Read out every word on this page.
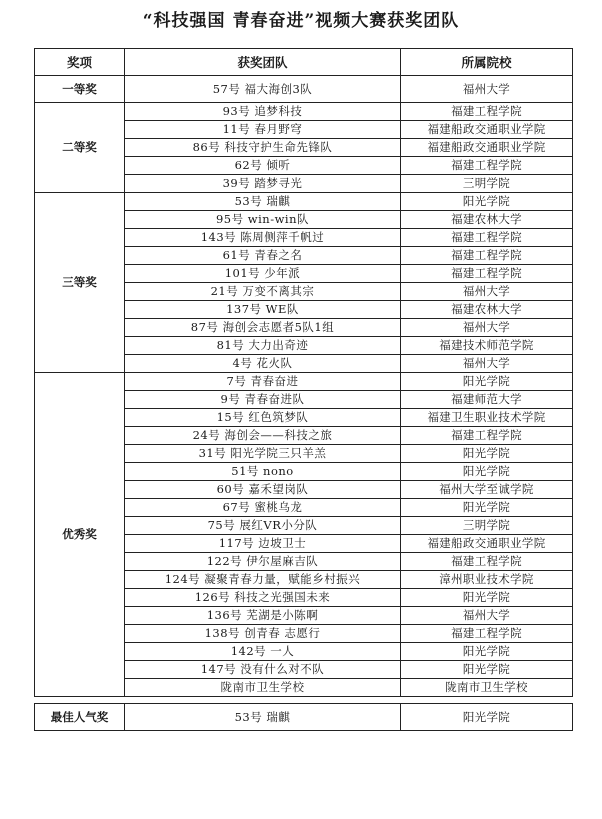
“科技强国 青春奋进”视频大赛获奖团队
奖项	获奖团队	所属院校
一等奖	57号 福大海创3队	福州大学
二等奖	93号 追梦科技	福建工程学院
	11号 春月野穹	福建船政交通职业学院
	86号 科技守护生命先锋队	福建船政交通职业学院
	62号 倾听	福建工程学院
	39号 踏梦寻光	三明学院
三等奖	53号 瑞麒	阳光学院
	95号 win-win队	福建农林大学
	143号 陈周侧萍千帆过	福建工程学院
	61号 青春之名	福建工程学院
	101号 少年派	福建工程学院
	21号 万变不离其宗	福州大学
	137号 WE队	福建农林大学
	87号 海创会志愿者5队1组	福州大学
	81号 大力出奇迹	福建技术师范学院
	4号 花火队	福州大学
优秀奖	7号 青春奋进	阳光学院
	9号 青春奋进队	福建师范大学
	15号 红色筑梦队	福建卫生职业技术学院
	24号 海创会——科技之旅	福建工程学院
	31号 阳光学院三只羊羔	阳光学院
	51号 nono	阳光学院
	60号 嘉禾望岗队	福州大学至诚学院
	67号 蜜桃乌龙	阳光学院
	75号 展红VR小分队	三明学院
	117号 边坡卫士	福建船政交通职业学院
	122号 伊尔屋麻吉队	福建工程学院
	124号 凝聚青春力量，赋能乡村振兴	漳州职业技术学院
	126号 科技之光强国未来	阳光学院
	136号 芜湖是小陈啊	福州大学
	138号 创青春 志愿行	福建工程学院
	142号 一人	阳光学院
	147号 没有什么对不队	阳光学院
	陇南市卫生学校	陇南市卫生学校

最佳人气奖	53号 瑞麒	阳光学院
